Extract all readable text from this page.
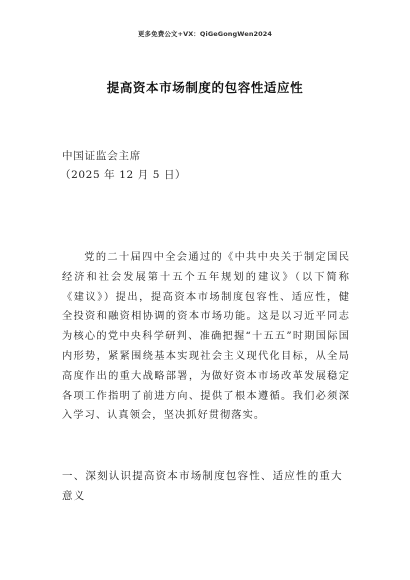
更多免费公文+VX：QiGeGongWen2024
提高资本市场制度的包容性适应性
中国证监会主席
（2025 年 12 月 5 日）
党的二十届四中全会通过的《中共中央关于制定国民经济和社会发展第十五个五年规划的建议》（以下简称《建议》）提出，提高资本市场制度包容性、适应性，健全投资和融资相协调的资本市场功能。这是以习近平同志为核心的党中央科学研判、准确把握“十五五”时期国际国内形势，紧紧围绕基本实现社会主义现代化目标，从全局高度作出的重大战略部署，为做好资本市场改革发展稳定各项工作指明了前进方向、提供了根本遵循。我们必须深入学习、认真领会，坚决抓好贯彻落实。
一、深刻认识提高资本市场制度包容性、适应性的重大意义
